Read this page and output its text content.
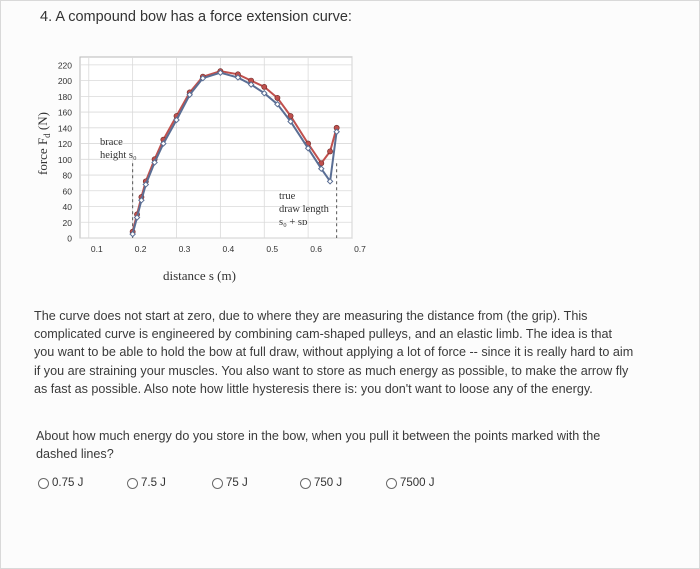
4. A compound bow has a force extension curve:
0
20
40
60
80
100
120
140
160
180
200
220
0.1	0.2	0.3	0.4	0.5	0.6	0.7
brace
height s₀
true
draw length
s₀ + sᴅ
force $F_d$ (N)
distance s (m)
The curve does not start at zero, due to where they are measuring the distance from (the grip). This complicated curve is engineered by combining cam-shaped pulleys, and an elastic limb. The idea is that you want to be able to hold the bow at full draw, without applying a lot of force -- since it is really hard to aim if you are straining your muscles. You also want to store as much energy as possible, to make the arrow fly as fast as possible. Also note how little hysteresis there is: you don't want to loose any of the energy.
About how much energy do you store in the bow, when you pull it between the points marked with the dashed lines?
0.75 J	7.5 J	75 J	750 J	7500 J
